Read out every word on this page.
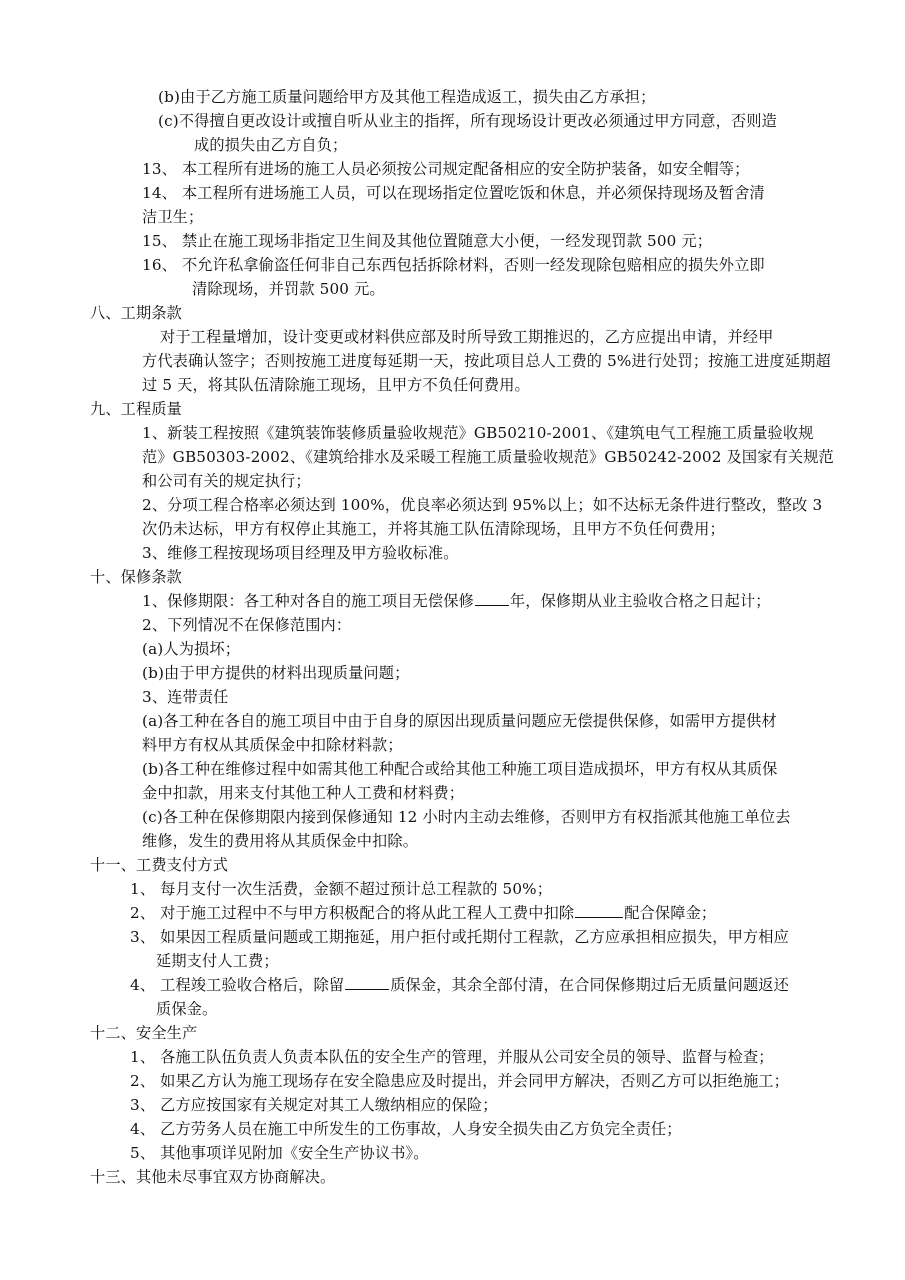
(b)由于乙方施工质量问题给甲方及其他工程造成返工，损失由乙方承担；
(c)不得擅自更改设计或擅自听从业主的指挥，所有现场设计更改必须通过甲方同意，否则造
成的损失由乙方自负；
13、 本工程所有进场的施工人员必须按公司规定配备相应的安全防护装备，如安全帽等；
14、 本工程所有进场施工人员，可以在现场指定位置吃饭和休息，并必须保持现场及暂舍清
洁卫生；
15、 禁止在施工现场非指定卫生间及其他位置随意大小便，一经发现罚款 500 元；
16、 不允许私拿偷盗任何非自己东西包括拆除材料，否则一经发现除包赔相应的损失外立即
清除现场，并罚款 500 元。
八、工期条款
对于工程量增加，设计变更或材料供应部及时所导致工期推迟的，乙方应提出申请，并经甲
方代表确认签字；否则按施工进度每延期一天，按此项目总人工费的 5%进行处罚；按施工进度延期超
过 5 天，将其队伍清除施工现场，且甲方不负任何费用。
九、工程质量
1、新装工程按照《建筑装饰装修质量验收规范》GB50210-2001、《建筑电气工程施工质量验收规
范》GB50303-2002、《建筑给排水及采暖工程施工质量验收规范》GB50242-2002 及国家有关规范
和公司有关的规定执行；
2、分项工程合格率必须达到 100%，优良率必须达到 95%以上；如不达标无条件进行整改，整改 3
次仍未达标，甲方有权停止其施工，并将其施工队伍清除现场，且甲方不负任何费用；
3、维修工程按现场项目经理及甲方验收标准。
十、保修条款
1、保修期限：各工种对各自的施工项目无偿保修 年，保修期从业主验收合格之日起计；
2、下列情况不在保修范围内：
(a)人为损坏；
(b)由于甲方提供的材料出现质量问题；
3、连带责任
(a)各工种在各自的施工项目中由于自身的原因出现质量问题应无偿提供保修，如需甲方提供材
料甲方有权从其质保金中扣除材料款；
(b)各工种在维修过程中如需其他工种配合或给其他工种施工项目造成损坏，甲方有权从其质保
金中扣款，用来支付其他工种人工费和材料费；
(c)各工种在保修期限内接到保修通知 12 小时内主动去维修，否则甲方有权指派其他施工单位去
维修，发生的费用将从其质保金中扣除。
十一、工费支付方式
1、 每月支付一次生活费，金额不超过预计总工程款的 50%；
2、 对于施工过程中不与甲方积极配合的将从此工程人工费中扣除	配合保障金；
3、 如果因工程质量问题或工期拖延，用户拒付或托期付工程款，乙方应承担相应损失，甲方相应
延期支付人工费；
4、 工程竣工验收合格后，除留	质保金，其余全部付清，在合同保修期过后无质量问题返还
质保金。
十二、安全生产
1、 各施工队伍负责人负责本队伍的安全生产的管理，并服从公司安全员的领导、监督与检查；
2、 如果乙方认为施工现场存在安全隐患应及时提出，并会同甲方解决，否则乙方可以拒绝施工；
3、 乙方应按国家有关规定对其工人缴纳相应的保险；
4、 乙方劳务人员在施工中所发生的工伤事故，人身安全损失由乙方负完全责任；
5、 其他事项详见附加《安全生产协议书》。
十三、其他未尽事宜双方协商解决。
